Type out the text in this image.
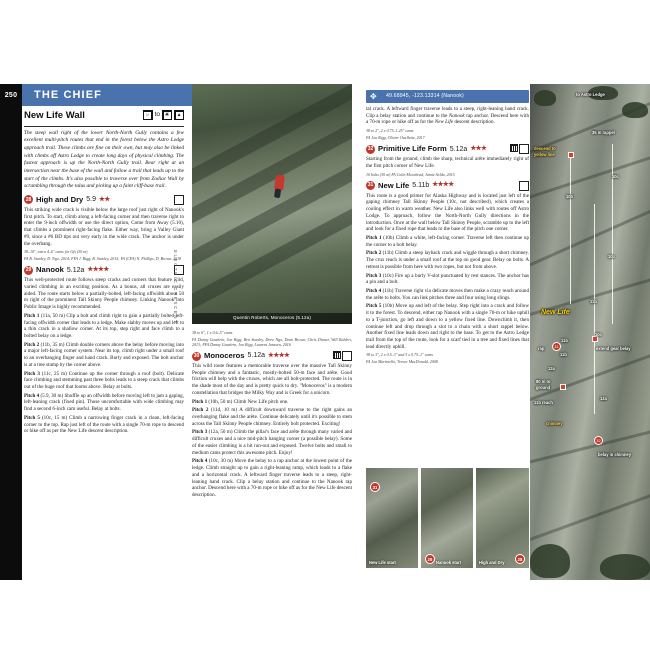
250	THE CHIEF	✥	49.68945, -123.13314 (Nanook)
New Life Wall	☼ to ☀	▴

The steep wall right of the lower North-North Gully contains a few excellent multi-pitch routes that end in the forest below the Astro Lodge approach trail. These climbs are fine on their own, but may also be linked with climbs off Astro Lodge to create long days of physical climbing. The fastest approach is up the North-North Gully trail. Bear right at an intersection near the base of the wall and follow a trail that leads up to the start of the climbs. It's also possible to traverse over from Zodiac Wall by scrambling through the talus and picking up a faint cliff-base trail.

28 High and Dry 5.9 ★★

This striking wide crack is visible below the large roof just right of Nanook's first pitch. To start, climb along a left-facing corner and then traverse right to enter the 9-inch offwidth or use the direct option, Come from Away (5.10), that climbs a prominent right-facing flake. Either way, bring a Valley Giant #9, since a #6 BD tips out very early in the wide crack. The anchor is under the overhang.

38–10°, extra 4–6" cams for Gfs (30 m)

FA B. Stanley, D. Ngo, 2014; FFA J. Rigg, B. Stanley, 2015; FA (CFA) N. Phillips, D. Brown, 2018

29 Nanook 5.12a ★★★★

This well-protected route follows steep cracks and corners that feature wild, varied climbing in an exciting position. As a bonus, all cruxes are easily aided. The route starts below a partially-bolted, left-facing offwidth about 50 m right of the prominent Tall Skinny People chimney. Linking Nanook into Public Image is highly recommended.

Pitch 1 (11a, 50 m) Clip a bolt and climb right to gain a partially bolted left-facing offwidth corner that leads to a ledge. Make slabby moves up and left to a thin crack in a shallow corner. At its top, step right and face climb to a bolted belay on a ledge.

Pitch 2 (11b, 35 m) Climb double corners above the belay before moving into a major left-facing corner system. Near its top, climb right under a small roof to an overhanging finger and hand crack. Burly and exposed. The bolt anchor is at a tree stump by the corner above.

Pitch 3 (11c, 25 m) Continue up the corner through a roof (bolt). Delicate face climbing and stemming past three bolts leads to a steep crack that climbs out of the huge roof that looms above. Belay at bolts.

Pitch 4 (5.9, 30 m) Shuffle up an offwidth before moving left to jam a gaping, left-leaning crack (fixed pin). Those uncomfortable with wide climbing may find a second 6-inch cam useful. Belay at bolts.

Pitch 5 (10c, 15 m) Climb a narrowing finger crack in a clean, left-facing corner to the top. Rap just left of the route with a single 70-m rope to descend or hike off as per the New Life descent description.

Quentin Roberts, Monoceros (5.12a)
ELECTRIC CRESCENT

38 to 6", 1 x 0.6–5" cams

FA Danny Gauétrin, Jon Rigg, Ben Stanley, Drew Ngo, Dean Brown, Chris Dinner, Will Rahlert, 2013; FFA Danny Gauétrin, Jon Rigg, Laurent Janssen, 2016

30 Monoceros 5.12a ★★★★

This wild route features a memorable traverse over the massive Tall Skinny People chimney and a fantastic, mostly-bolted 50-m face and arête. Good friction will help with the cruxes, which are all bolt-protected. The route is in the shade most of the day and is pretty quick to dry. "Monoceros" is a modern constellation that bridges the Milky Way and is Greek for a unicorn.

Pitch 1 (10b, 50 m) Climb New Life pitch one.

Pitch 2 (11d, 10 m) A difficult downward traverse to the right gains an overhanging flake and the arête. Continue delicately until it's possible to stem across the Tall Skinny People chimney. Entirely bolt protected. Exciting!

Pitch 3 (12a, 50 m) Climb the pillar's face and arête through many varied and difficult cruxes and a nice mid-pitch hanging corner (a possible belay). Some of the easier climbing is a bit run-out and exposed. Twelve bolts and small to medium cams protect this awesome pitch. Enjoy!

Pitch 4 (10c, 30 m) Move the belay to a rap anchor at the lowest point of the ledge. Climb straight up to gain a right-leaning ramp, which leads to a flake and a horizontal crack. A leftward finger traverse leads to a steep, right-leaning hand crack. Clip a belay station and continue to the Nanook rap anchor. Descend here with a 70-m rope or hike off as for the New Life descent description.

tal crack. A leftward finger traverse leads to a steep, right-leaning hand crack. Clip a belay station and continue to the Nanook rap anchor. Descend here with a 70-m rope or hike off as for the New Life descent description.

38 to 2", 2 x 0.75–1.25" cams

FA Jon Rigg, Olivier Ouellette, 2017

32 Primitive Life Form 5.12a ★★★

Starting from the ground, climb the sharp, technical arête immediately right of the first pitch corner of New Life.

10 bolts (30 m) FA Colin Moorhead, Jamie Selda, 2015

31 New Life 5.11b ★★★★

This route is a good primer for Alaska Highway and is located just left of the gaping chimney Tall Skinny People (10c, not described), which creates a cooling effect in warm weather. New Life also links well with routes off Astro Lodge. To approach, follow the North-North Gully directions in the introduction. Once at the wall below Tall Skinny People, scramble up to the left and look for a fixed rope that leads to the base of the pitch one corner.

Pitch 1 (10b) Climb a white, left-facing corner. Traverse left then continue up the corner to a bolt belay.

Pitch 2 (11b) Climb a steep layback crack and wiggle through a short chimney. The crux reach is under a small roof at the top on good gear. Belay on bolts. A retreat is possible from here with two ropes, but not from above.

Pitch 3 (10c) Fire up a burly V-slot punctuated by rest stances. The anchor has a pin and a bolt.

Pitch 4 (11b) Traverse right via delicate moves then make a crazy reach around the arête to bolts. You can link pitches three and four using long slings.

Pitch 5 (10b) Move up and left of the belay. Step right into a crack and follow it to the forest. To descend, either rap Nanook with a single 70-m or hike uphill to a T-junction, go left and down to a yellow fixed line. Downclimb it, then continue left and drop through a slot to a chain with a short rappel below. Another fixed line leads down and right to the base. To get to the Astro Ledge trail from the top of the route, look for a scarf tied in a tree and fixed lines that lead directly uphill.

38 to 3", 2 x 0.5–3" and 5 x 0.75–1" cams

FA Jon Martinello, Trevor MacDonald, 2008

to Astro Ledge
35 m rappel
descend to
yellow line
10b
10c
10c
New Life
11b
10c
11b
11b
rap
12a
80 m to
ground
11b reach
chimney
12a
extend gear belay
belay in chimney
31
32
31
New Life start
29
Nanook start
28
High and Dry
